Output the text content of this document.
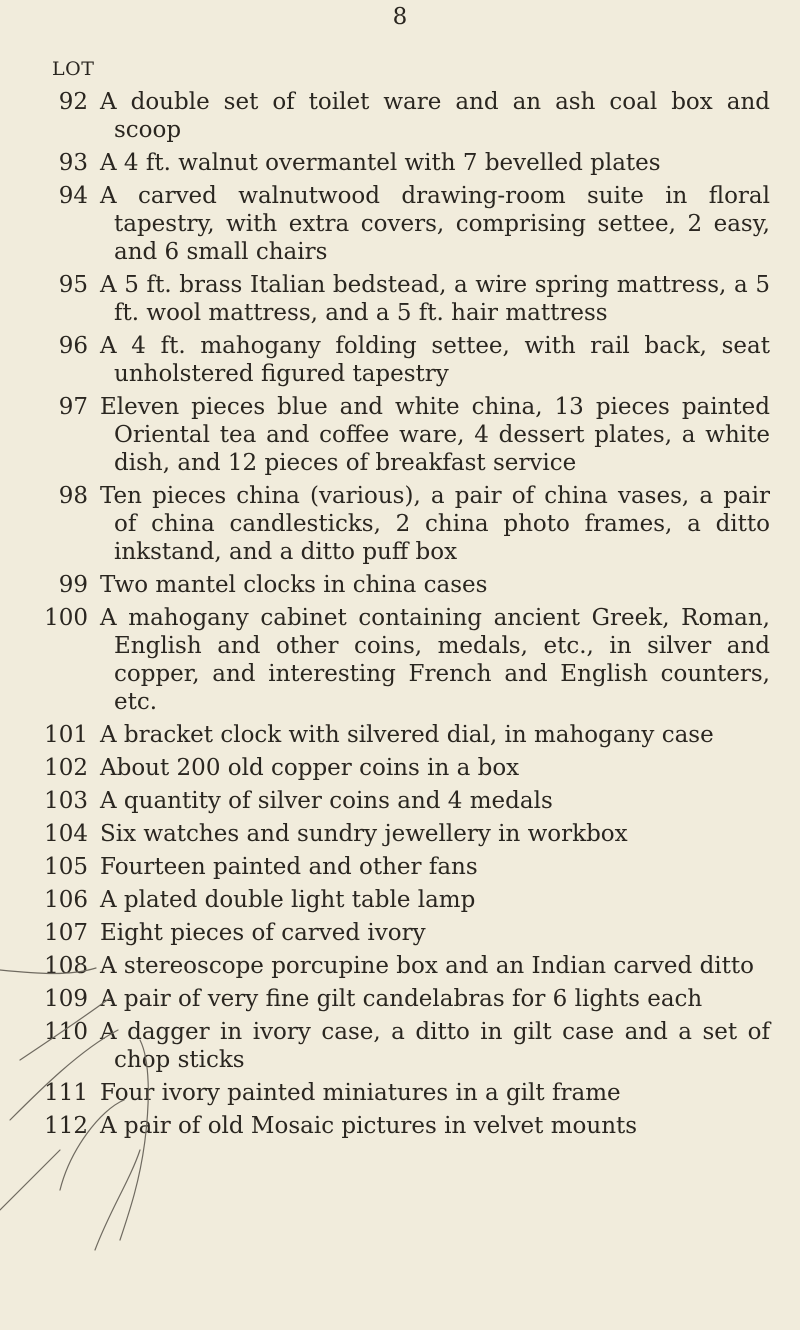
8
LOT
92 A double set of toilet ware and an ash coal box and scoop
93 A 4 ft. walnut overmantel with 7 bevelled plates
94 A carved walnutwood drawing-room suite in floral tapestry, with extra covers, comprising settee, 2 easy, and 6 small chairs
95 A 5 ft. brass Italian bedstead, a wire spring mattress, a 5 ft. wool mattress, and a 5 ft. hair mattress
96 A 4 ft. mahogany folding settee, with rail back, seat unholstered figured tapestry
97 Eleven pieces blue and white china, 13 pieces painted Oriental tea and coffee ware, 4 dessert plates, a white dish, and 12 pieces of breakfast service
98 Ten pieces china (various), a pair of china vases, a pair of china candlesticks, 2 china photo frames, a ditto inkstand, and a ditto puff box
99 Two mantel clocks in china cases
100 A mahogany cabinet containing ancient Greek, Roman, English and other coins, medals, etc., in silver and copper, and interesting French and English counters, etc.
101 A bracket clock with silvered dial, in mahogany case
102 About 200 old copper coins in a box
103 A quantity of silver coins and 4 medals
104 Six watches and sundry jewellery in workbox
105 Fourteen painted and other fans
106 A plated double light table lamp
107 Eight pieces of carved ivory
108 A stereoscope porcupine box and an Indian carved ditto
109 A pair of very fine gilt candelabras for 6 lights each
110 A dagger in ivory case, a ditto in gilt case and a set of chop sticks
111 Four ivory painted miniatures in a gilt frame
112 A pair of old Mosaic pictures in velvet mounts
